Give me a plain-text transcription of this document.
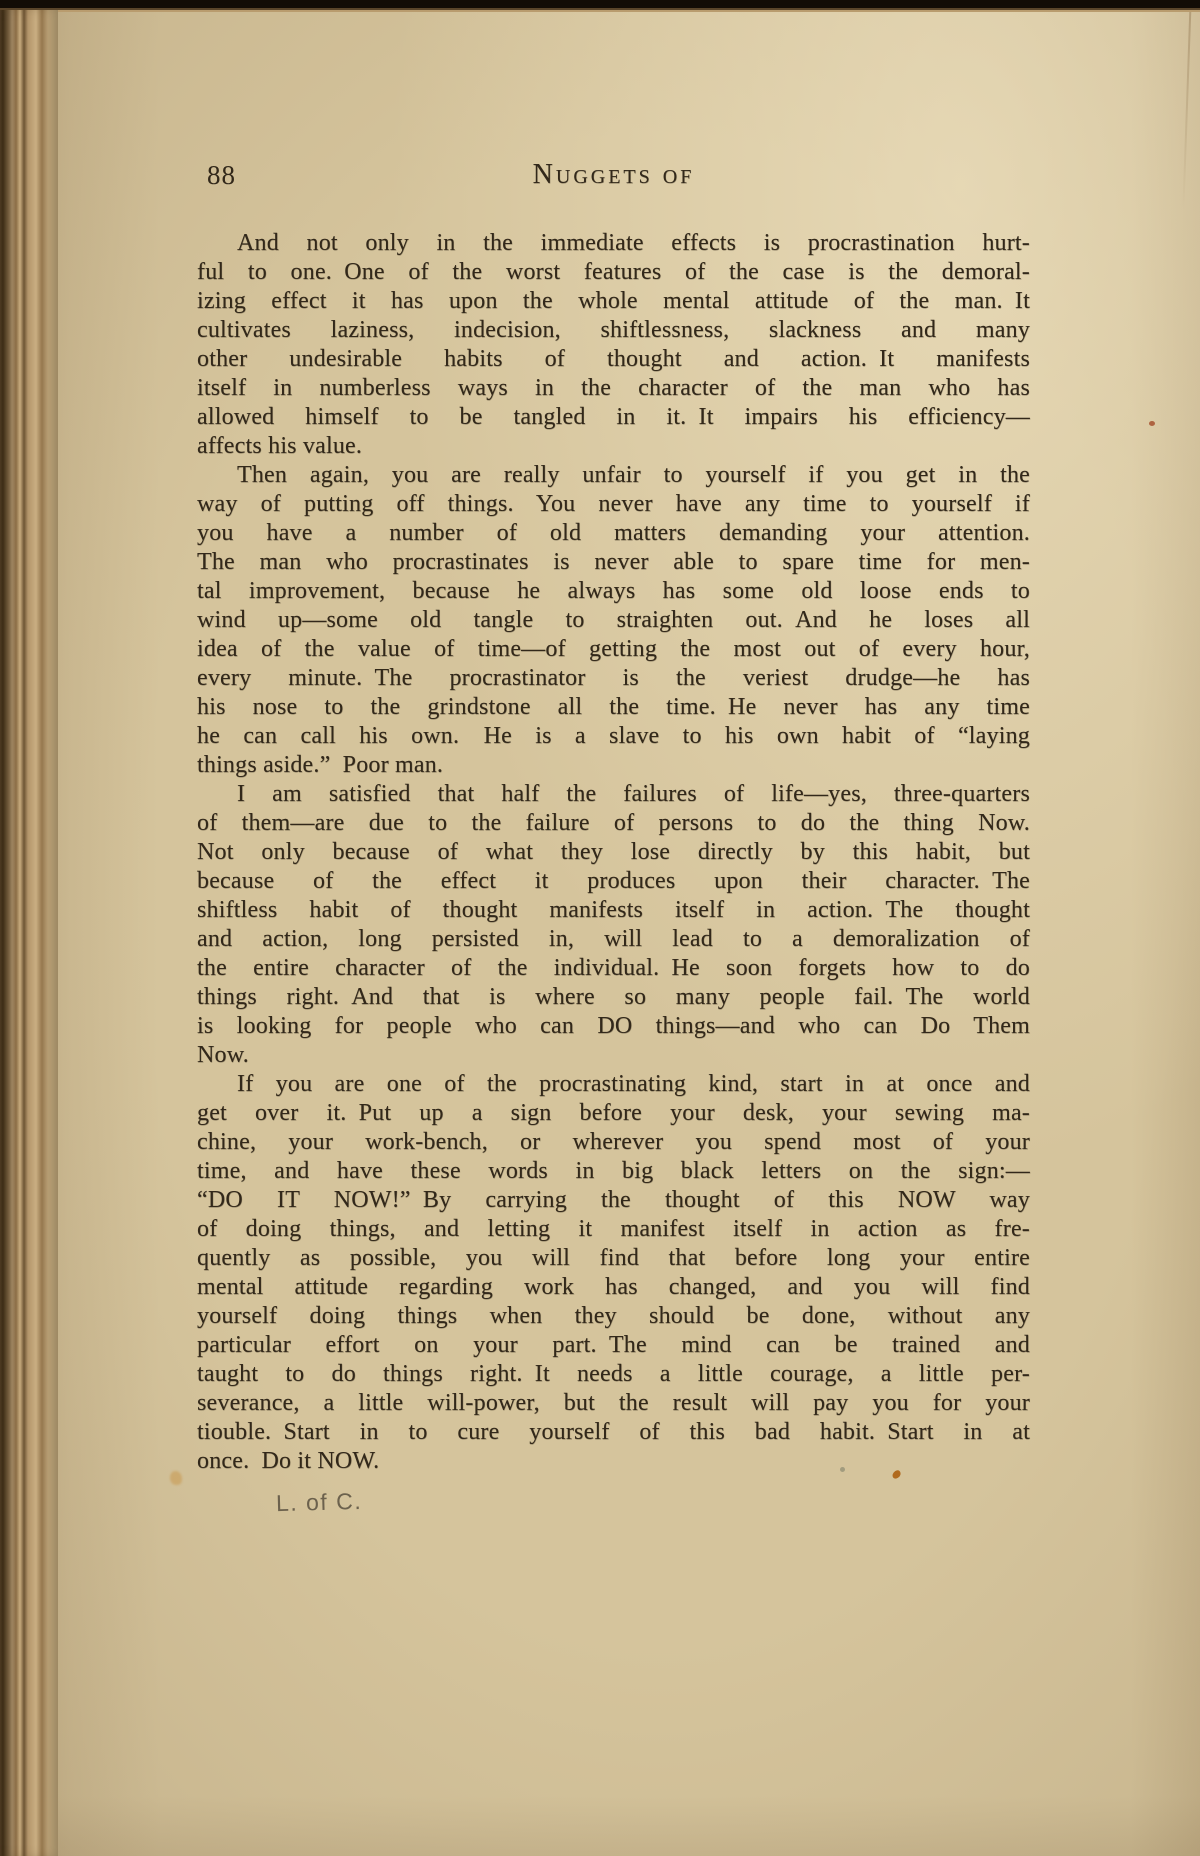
88	Nuggets of
And not only in the immediate effects is procrastination hurt-
ful to one. One of the worst features of the case is the demoral-
izing effect it has upon the whole mental attitude of the man. It
cultivates laziness, indecision, shiftlessness, slackness and many
other undesirable habits of thought and action. It manifests
itself in numberless ways in the character of the man who has
allowed himself to be tangled in it. It impairs his efficiency—
affects his value.
Then again, you are really unfair to yourself if you get in the
way of putting off things. You never have any time to yourself if
you have a number of old matters demanding your attention.
The man who procrastinates is never able to spare time for men-
tal improvement, because he always has some old loose ends to
wind up—some old tangle to straighten out. And he loses all
idea of the value of time—of getting the most out of every hour,
every minute. The procrastinator is the veriest drudge—he has
his nose to the grindstone all the time. He never has any time
he can call his own.  He is a slave to his own habit of “laying
things aside.” Poor man.
I am satisfied that half the failures of life—yes, three-quarters
of them—are due to the failure of persons to do the thing Now.
Not only because of what they lose directly by this habit, but
because of the effect it produces upon their character. The
shiftless habit of thought manifests itself in action. The thought
and action, long persisted in, will lead to a demoralization of
the entire character of the individual. He soon forgets how to do
things right. And that is where so many people fail. The world
is looking for people who can DO things—and who can Do Them
Now.
If you are one of the procrastinating kind, start in at once and
get over it. Put up a sign before your desk, your sewing ma-
chine, your work-bench, or wherever you spend most of your
time, and have these words in big black letters on the sign:—
“DO IT NOW!” By carrying the thought of this NOW way
of doing things, and letting it manifest itself in action as fre-
quently as possible, you will find that before long your entire
mental attitude regarding work has changed, and you will find
yourself doing things when they should be done, without any
particular effort on your part. The mind can be trained and
taught to do things right. It needs a little courage, a little per-
severance, a little will-power, but the result will pay you for your
tiouble. Start in to cure yourself of this bad habit. Start in at
once. Do it NOW.
L. of C.
